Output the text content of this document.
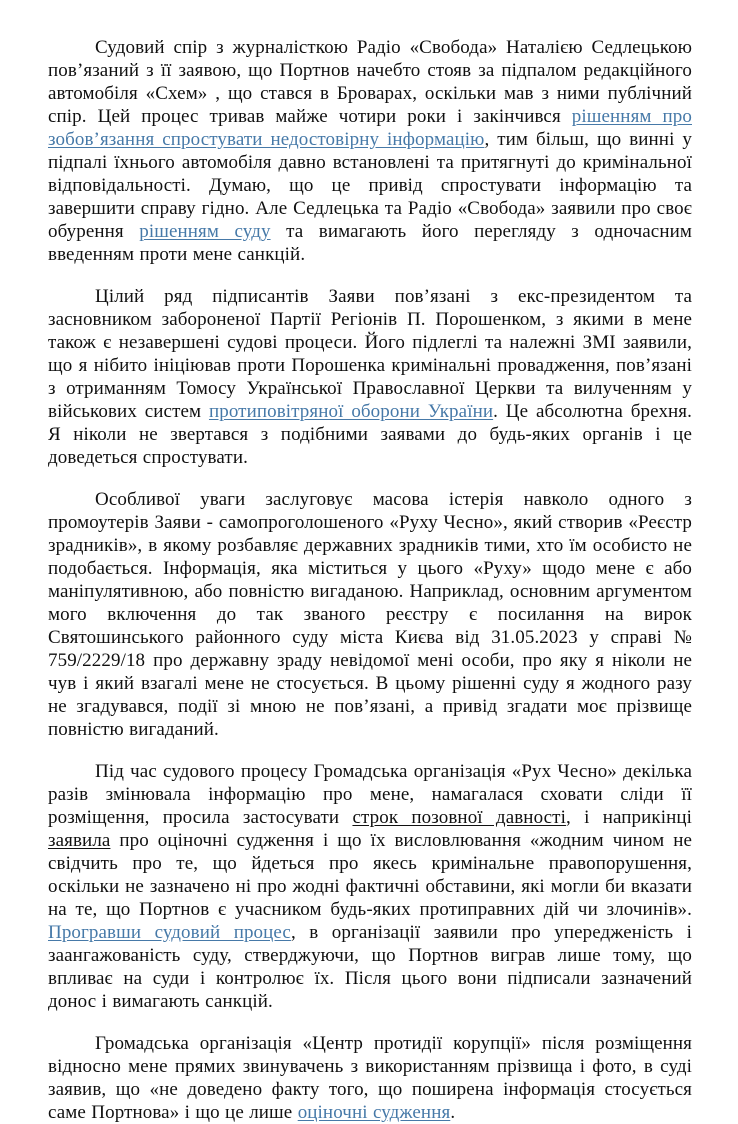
Судовий спір з журналісткою Радіо «Свобода» Наталією Седлецькою пов’язаний з її заявою, що Портнов начебто стояв за підпалом редакційного автомобіля «Схем» , що стався в Броварах, оскільки мав з ними публічний спір. Цей процес тривав майже чотири роки і закінчився рішенням про зобов’язання спростувати недостовірну інформацію, тим більш, що винні у підпалі їхнього автомобіля давно встановлені та притягнуті до кримінальної відповідальності. Думаю, що це привід спростувати інформацію та завершити справу гідно. Але Седлецька та Радіо «Свобода» заявили про своє обурення рішенням суду та вимагають його перегляду з одночасним введенням проти мене санкцій.

Цілий ряд підписантів Заяви пов’язані з екс-президентом та засновником забороненої Партії Регіонів П. Порошенком, з якими в мене також є незавершені судові процеси. Його підлеглі та належні ЗМІ заявили, що я нібито ініціював проти Порошенка кримінальні провадження, пов’язані з отриманням Томосу Української Православної Церкви та вилученням у військових систем протиповітряної оборони України. Це абсолютна брехня. Я ніколи не звертався з подібними заявами до будь-яких органів і це доведеться спростувати.

Особливої уваги заслуговує масова істерія навколо одного з промоутерів Заяви - самопроголошеного «Руху Чесно», який створив «Реєстр зрадників», в якому розбавляє державних зрадників тими, хто їм особисто не подобається. Інформація, яка міститься у цього «Руху» щодо мене є або маніпулятивною, або повністю вигаданою. Наприклад, основним аргументом мого включення до так званого реєстру є посилання на вирок Святошинського районного суду міста Києва від 31.05.2023 у справі № 759/2229/18 про державну зраду невідомої мені особи, про яку я ніколи не чув і який взагалі мене не стосується. В цьому рішенні суду я жодного разу не згадувався, події зі мною не пов’язані, а привід згадати моє прізвище повністю вигаданий.

Під час судового процесу Громадська організація «Рух Чесно» декілька разів змінювала інформацію про мене, намагалася сховати сліди її розміщення, просила застосувати строк позовної давності, і наприкінці заявила про оціночні судження і що їх висловлювання «жодним чином не свідчить про те, що йдеться про якесь кримінальне правопорушення, оскільки не зазначено ні про жодні фактичні обставини, які могли би вказати на те, що Портнов є учасником будь-яких протиправних дій чи злочинів». Програвши судовий процес, в організації заявили про упередженість і заангажованість суду, стверджуючи, що Портнов виграв лише тому, що впливає на суди і контролює їх. Після цього вони підписали зазначений донос і вимагають санкцій.

Громадська організація «Центр протидії корупції» після розміщення відносно мене прямих звинувачень з використанням прізвища і фото, в суді заявив, що «не доведено факту того, що поширена інформація стосується саме Портнова» і що це лише оціночні судження.
